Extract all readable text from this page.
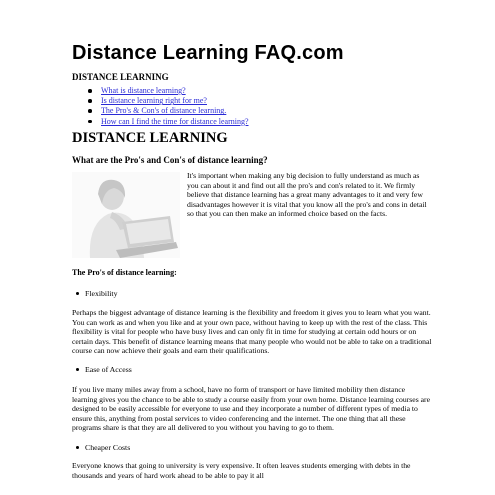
Distance Learning FAQ.com
DISTANCE LEARNING
What is distance learning?
Is distance learning right for me?
The Pro's & Con's of distance learning.
How can I find the time for distance learning?
DISTANCE LEARNING
What are the Pro's and Con's of distance learning?

It's important when making any big decision to fully understand as much as you can about it and find out all the pro's and con's related to it. We firmly believe that distance learning has a great many advantages to it and very few disadvantages however it is vital that you know all the pro's and cons in detail so that you can then make an informed choice based on the facts.

The Pro's of distance learning:
Flexibility

Perhaps the biggest advantage of distance learning is the flexibility and freedom it gives you to learn what you want. You can work as and when you like and at your own pace, without having to keep up with the rest of the class. This flexibility is vital for people who have busy lives and can only fit in time for studying at certain odd hours or on certain days. This benefit of distance learning means that many people who would not be able to take on a traditional course can now achieve their goals and earn their qualifications.

Ease of Access

If you live many miles away from a school, have no form of transport or have limited mobility then distance learning gives you the chance to be able to study a course easily from your own home. Distance learning courses are designed to be easily accessible for everyone to use and they incorporate a number of different types of media to ensure this, anything from postal services to video conferencing and the internet. The one thing that all these programs share is that they are all delivered to you without you having to go to them.

Cheaper Costs

Everyone knows that going to university is very expensive. It often leaves students emerging with debts in the thousands and years of hard work ahead to be able to pay it all
